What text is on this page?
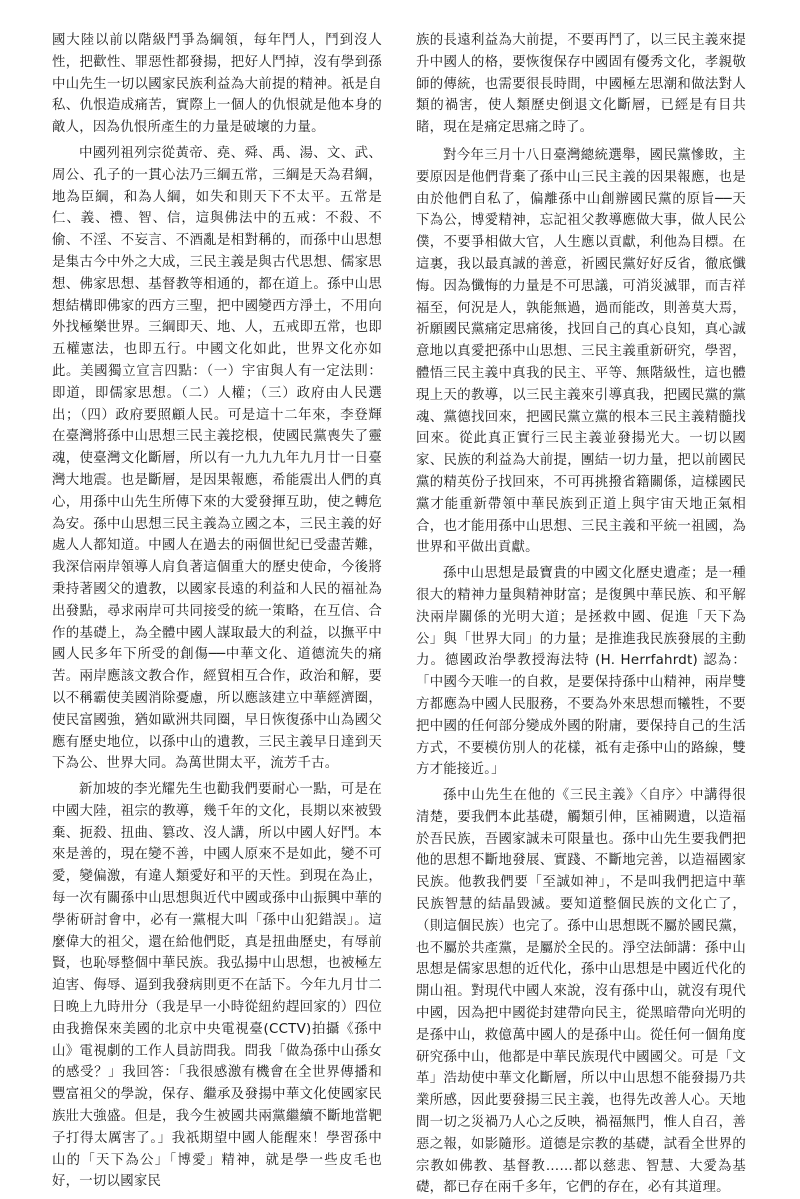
國大陸以前以階級鬥爭為綱領，每年鬥人，鬥到沒人性，把歡性、罪惡性都發揚，把好人鬥掉，沒有學到孫中山先生一切以國家民族利益為大前提的精神。祇是自私、仇恨造成痛苦，實際上一個人的仇恨就是他本身的敵人，因為仇恨所產生的力量是破壞的力量。

中國列祖列宗從黃帝、堯、舜、禹、湯、文、武、周公、孔子的一貫心法乃三綱五常，三綱是天為君綱，地為臣綱，和為人綱，如失和則天下不太平。五常是仁、義、禮、智、信，這與佛法中的五戒：不殺、不偷、不淫、不妄言、不酒亂是相對稱的，而孫中山思想是集古今中外之大成，三民主義是與古代思想、儒家思想、佛家思想、基督教等相通的，都在道上。孫中山思想結構即佛家的西方三聖，把中國變西方淨土，不用向外找極樂世界。三綱即天、地、人，五戒即五常，也即五權憲法，也即五行。中國文化如此，世界文化亦如此。美國獨立宣言四點：（一）宇宙與人有一定法則：即道，即儒家思想。（二）人權；（三）政府由人民選出；（四）政府要照顧人民。可是這十二年來，李登輝在臺灣將孫中山思想三民主義挖根，使國民黨喪失了靈魂，使臺灣文化斷層，所以有一九九九年九月廿一日臺灣大地震。也是斷層，是因果報應，希能震出人們的真心，用孫中山先生所傳下來的大愛發揮互助，使之轉危為安。孫中山思想三民主義為立國之本，三民主義的好處人人都知道。中國人在過去的兩個世紀已受盡苦難，我深信兩岸領導人肩負著這個重大的歷史使命，今後將秉持著國父的遺教，以國家長遠的利益和人民的福祉為出發點，尋求兩岸可共同接受的統一策略，在互信、合作的基礎上，為全體中國人謀取最大的利益，以撫平中國人民多年下所受的創傷──中華文化、道德流失的痛苦。兩岸應該文教合作，經貿相互合作，政治和解，要以不稱霸使美國消除憂慮，所以應該建立中華經濟圈，使民富國強，猶如歐洲共同圈，早日恢復孫中山為國父應有歷史地位，以孫中山的遺教，三民主義早日達到天下為公、世界大同。為萬世開太平，流芳千古。

新加坡的李光耀先生也勸我們要耐心一點，可是在中國大陸，祖宗的教導，幾千年的文化，長期以來被毀棄、扼殺、扭曲、篡改、沒人講，所以中國人好鬥。本來是善的，現在變不善，中國人原來不是如此，變不可愛，變偏激，有違人類愛好和平的天性。到現在為止，每一次有關孫中山思想與近代中國或孫中山振興中華的學術研討會中，必有一黨棍大叫「孫中山犯錯誤」。這麼偉大的祖父，還在給他們貶，真是扭曲歷史，有辱前賢，也恥辱整個中華民族。我弘揚中山思想，也被極左迫害、侮辱、逼到我發病則更不在話下。今年九月廿二日晚上九時卅分（我是早一小時從紐約趕回家的）四位由我擔保來美國的北京中央電視臺(CCTV)拍攝《孫中山》電視劇的工作人員訪問我。問我「做為孫中山孫女的感受？」我回答：「我很感激有機會在全世界傳播和豐富祖父的學說，保存、繼承及發揚中華文化使國家民族壯大強盛。但是，我今生被國共兩黨繼續不斷地當靶子打得太厲害了。」我祇期望中國人能醒來！學習孫中山的「天下為公」「博愛」精神，就是學一些皮毛也好，一切以國家民

族的長遠利益為大前提，不要再鬥了，以三民主義來提升中國人的格，要恢復保存中國固有優秀文化，孝親敬師的傳統，也需要很長時間，中國極左思潮和做法對人類的禍害，使人類歷史倒退文化斷層，已經是有目共睹，現在是痛定思痛之時了。

對今年三月十八日臺灣總統選舉，國民黨慘敗，主要原因是他們背棄了孫中山三民主義的因果報應，也是由於他們自私了，偏離孫中山創辦國民黨的原旨──天下為公，博愛精神，忘記祖父教導應做大事，做人民公僕，不要爭相做大官，人生應以貢獻，利他為目標。在這裏，我以最真誠的善意，祈國民黨好好反省，徹底懺悔。因為懺悔的力量是不可思議，可消災滅罪，而吉祥福至，何況是人，孰能無過，過而能改，則善莫大焉，祈願國民黨痛定思痛後，找回自己的真心良知，真心誠意地以真愛把孫中山思想、三民主義重新研究，學習，體悟三民主義中真我的民主、平等、無階級性，這也體現上天的教導，以三民主義來引導真我，把國民黨的黨魂、黨德找回來，把國民黨立黨的根本三民主義精髓找回來。從此真正實行三民主義並發揚光大。一切以國家、民族的利益為大前提，團結一切力量，把以前國民黨的精英份子找回來，不可再挑撥省籍關係，這樣國民黨才能重新帶領中華民族到正道上與宇宙天地正氣相合，也才能用孫中山思想、三民主義和平統一祖國，為世界和平做出貢獻。

孫中山思想是最寶貴的中國文化歷史遺產；是一種很大的精神力量與精神財富；是復興中華民族、和平解決兩岸關係的光明大道；是拯救中國、促進「天下為公」與「世界大同」的力量；是推進我民族發展的主動力。德國政治學教授海法特 (H. Herrfahrdt) 認為：「中國今天唯一的自救，是要保持孫中山精神，兩岸雙方都應為中國人民服務，不要為外來思想而犧牲，不要把中國的任何部分變成外國的附庸，要保持自己的生活方式，不要模仿別人的花樣，祗有走孫中山的路線，雙方才能接近。」

孫中山先生在他的《三民主義》〈自序〉中講得很清楚，要我們本此基礎，觸類引伸，匡補闕遺，以造福於吾民族，吾國家誠未可限量也。孫中山先生要我們把他的思想不斷地發展、實踐、不斷地完善，以造福國家民族。他教我們要「至誠如神」，不是叫我們把這中華民族智慧的結晶毀滅。要知道整個民族的文化亡了，（則這個民族）也完了。孫中山思想既不屬於國民黨，也不屬於共產黨，是屬於全民的。淨空法師講：孫中山思想是儒家思想的近代化，孫中山思想是中國近代化的開山祖。對現代中國人來說，沒有孫中山，就沒有現代中國，因為把中國從封建帶向民主，從黑暗帶向光明的是孫中山，救億萬中國人的是孫中山。從任何一個角度研究孫中山，他都是中華民族現代中國國父。可是「文革」浩劫使中華文化斷層，所以中山思想不能發揚乃共業所感，因此要發揚三民主義，也得先改善人心。天地間一切之災禍乃人心之反映，禍福無門，惟人自召，善惡之報，如影隨形。道德是宗教的基礎，試看全世界的宗教如佛教、基督教……都以慈悲、智慧、大愛為基礎，都已存在兩千多年，它們的存在，必有其道理。
